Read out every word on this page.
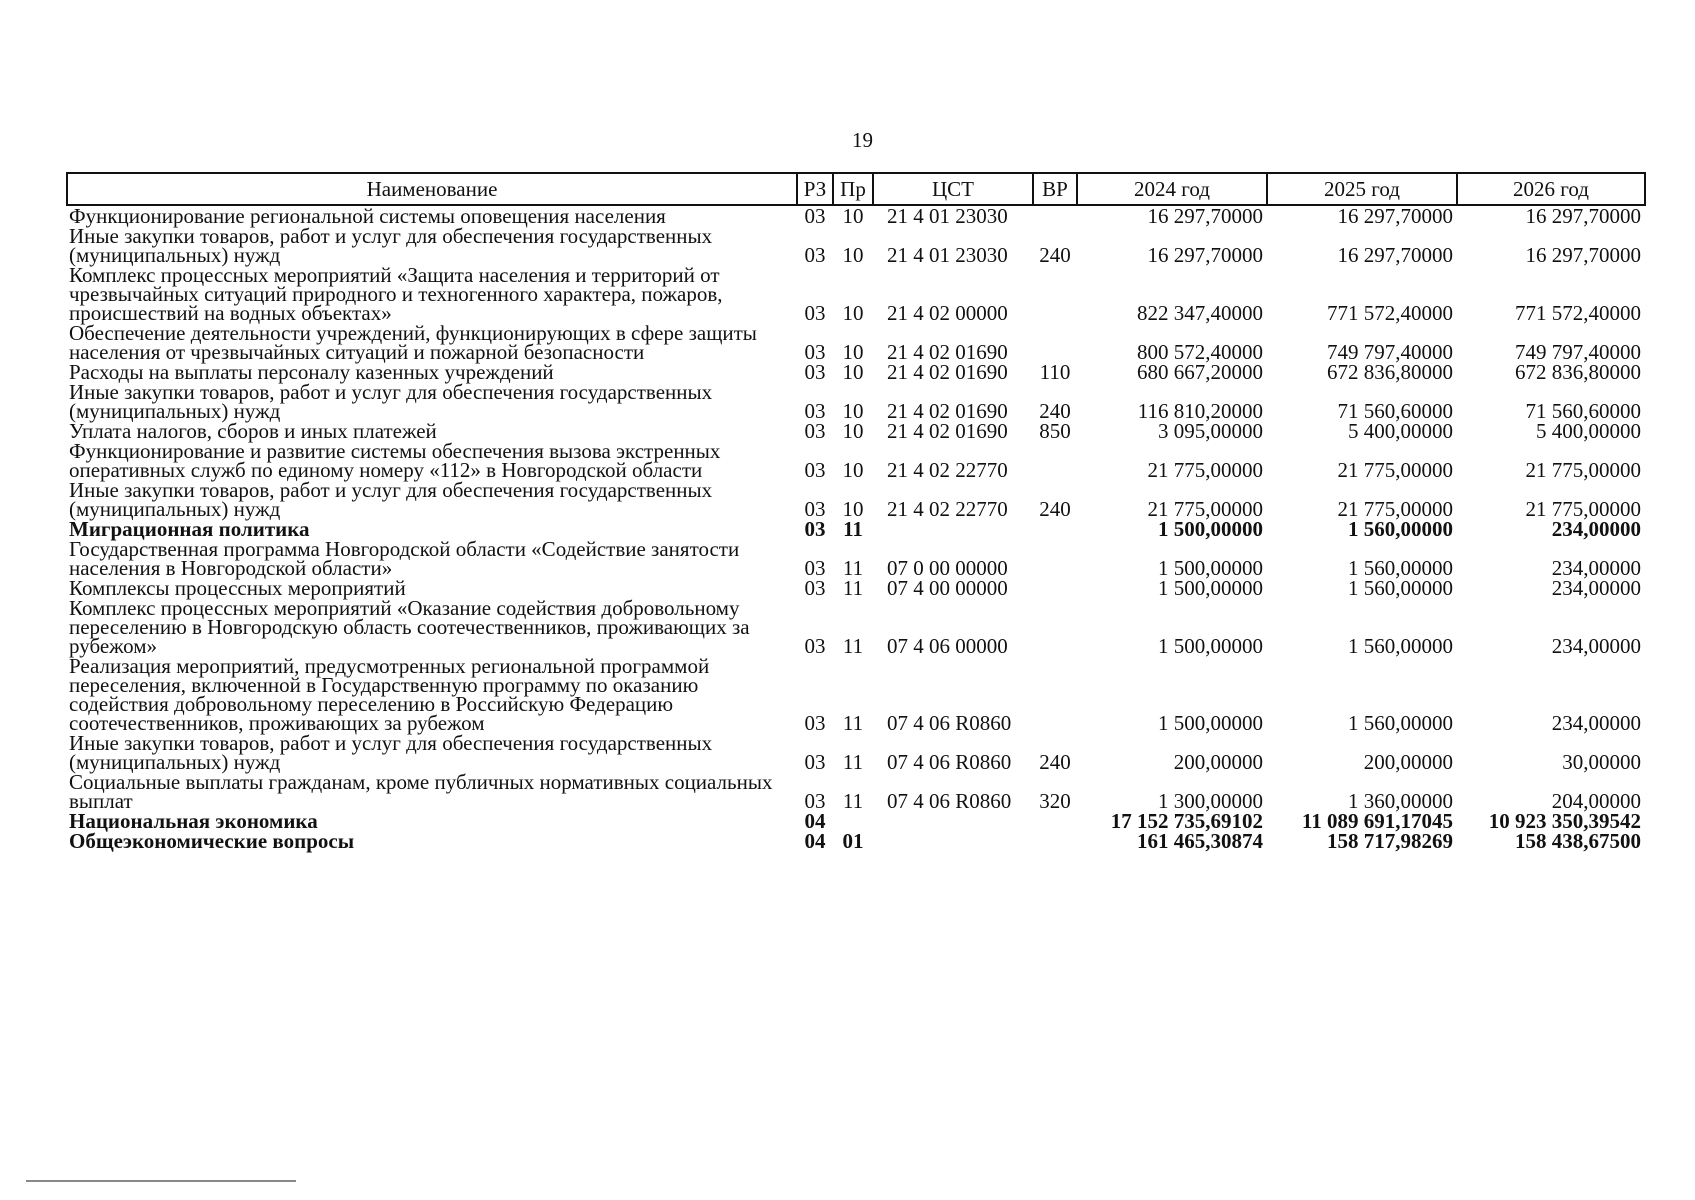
19
Наименование	РЗ	Пр	ЦСТ	ВР	2024 год	2025 год	2026 год
Функционирование региональной системы оповещения населения	03	10	21 4 01 23030		16 297,70000	16 297,70000	16 297,70000
Иные закупки товаров, работ и услуг для обеспечения государственных (муниципальных) нужд	03	10	21 4 01 23030	240	16 297,70000	16 297,70000	16 297,70000
Комплекс процессных мероприятий «Защита населения и территорий от чрезвычайных ситуаций природного и техногенного характера, пожаров, происшествий на водных объектах»	03	10	21 4 02 00000		822 347,40000	771 572,40000	771 572,40000
Обеспечение деятельности учреждений, функционирующих в сфере защиты населения от чрезвычайных ситуаций и пожарной безопасности	03	10	21 4 02 01690		800 572,40000	749 797,40000	749 797,40000
Расходы на выплаты персоналу казенных учреждений	03	10	21 4 02 01690	110	680 667,20000	672 836,80000	672 836,80000
Иные закупки товаров, работ и услуг для обеспечения государственных (муниципальных) нужд	03	10	21 4 02 01690	240	116 810,20000	71 560,60000	71 560,60000
Уплата налогов, сборов и иных платежей	03	10	21 4 02 01690	850	3 095,00000	5 400,00000	5 400,00000
Функционирование и развитие системы обеспечения вызова экстренных оперативных служб по единому номеру «112» в Новгородской области	03	10	21 4 02 22770		21 775,00000	21 775,00000	21 775,00000
Иные закупки товаров, работ и услуг для обеспечения государственных (муниципальных) нужд	03	10	21 4 02 22770	240	21 775,00000	21 775,00000	21 775,00000
Миграционная политика	03	11			1 500,00000	1 560,00000	234,00000
Государственная программа Новгородской области «Содействие занятости населения в Новгородской области»	03	11	07 0 00 00000		1 500,00000	1 560,00000	234,00000
Комплексы процессных мероприятий	03	11	07 4 00 00000		1 500,00000	1 560,00000	234,00000
Комплекс процессных мероприятий «Оказание содействия добровольному переселению в Новгородскую область соотечественников, проживающих за рубежом»	03	11	07 4 06 00000		1 500,00000	1 560,00000	234,00000
Реализация мероприятий, предусмотренных региональной программой переселения, включенной в Государственную программу по оказанию содействия добровольному переселению в Российскую Федерацию соотечественников, проживающих за рубежом	03	11	07 4 06 R0860		1 500,00000	1 560,00000	234,00000
Иные закупки товаров, работ и услуг для обеспечения государственных (муниципальных) нужд	03	11	07 4 06 R0860	240	200,00000	200,00000	30,00000
Социальные выплаты гражданам, кроме публичных нормативных социальных выплат	03	11	07 4 06 R0860	320	1 300,00000	1 360,00000	204,00000
Национальная экономика	04				17 152 735,69102	11 089 691,17045	10 923 350,39542
Общеэкономические вопросы	04	01			161 465,30874	158 717,98269	158 438,67500
